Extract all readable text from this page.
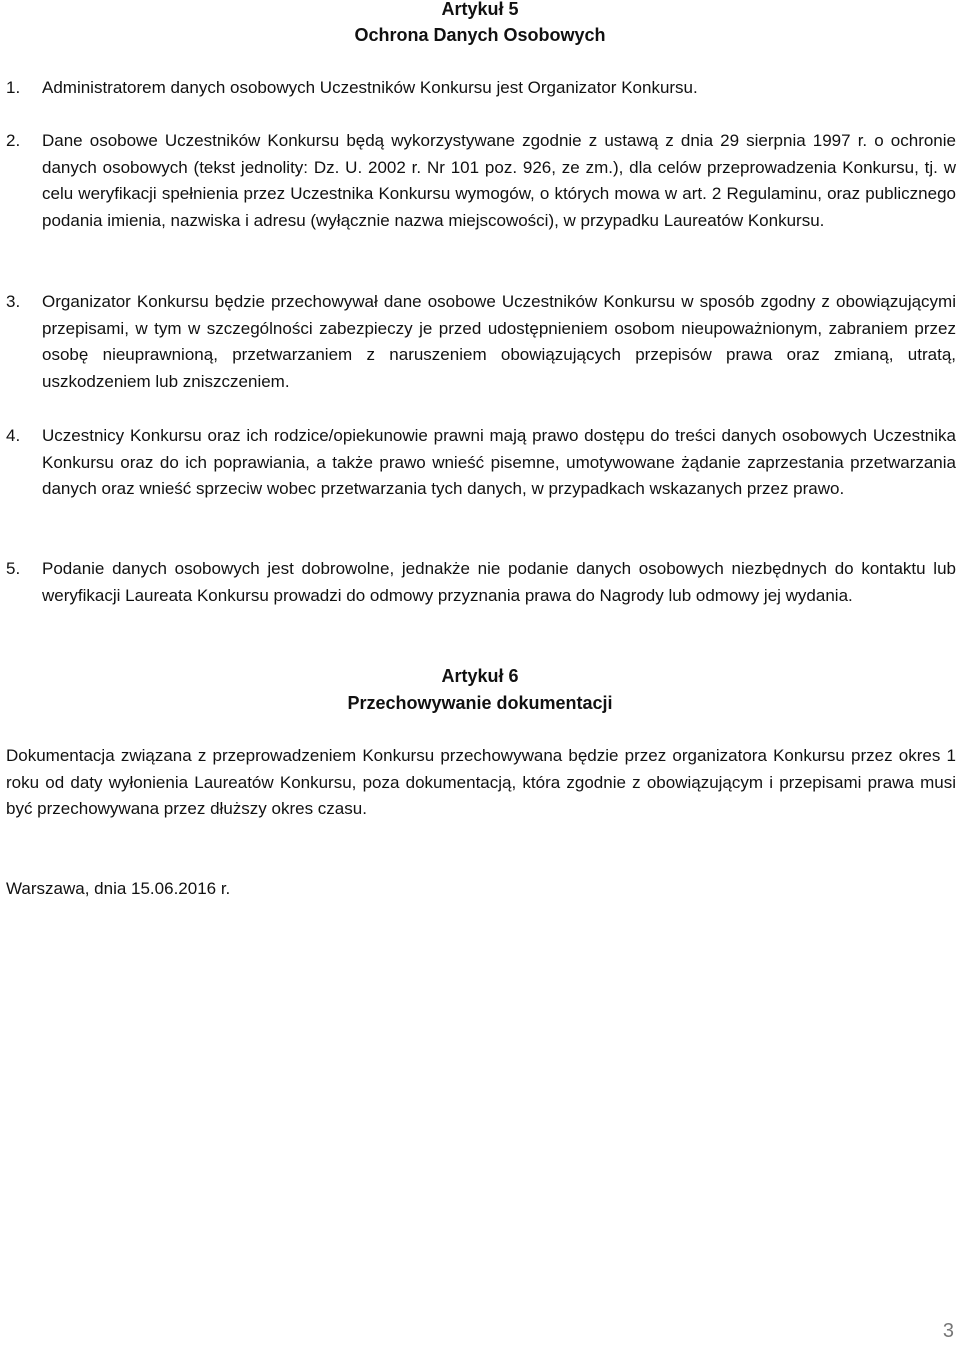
Artykuł 5
Ochrona Danych Osobowych
1.	Administratorem danych osobowych Uczestników Konkursu jest Organizator Konkursu.
2.	Dane osobowe Uczestników Konkursu będą wykorzystywane zgodnie z ustawą z dnia 29 sierpnia 1997 r. o ochronie danych osobowych (tekst jednolity: Dz. U. 2002 r. Nr 101 poz. 926, ze zm.), dla celów przeprowadzenia Konkursu, tj. w celu weryfikacji spełnienia przez Uczestnika Konkursu wymogów, o których mowa w art. 2 Regulaminu, oraz publicznego podania imienia, nazwiska i adresu (wyłącznie nazwa miejscowości), w przypadku Laureatów Konkursu.
3.	Organizator Konkursu będzie przechowywał dane osobowe Uczestników Konkursu w sposób zgodny z obowiązującymi przepisami, w tym w szczególności zabezpieczy je przed udostępnieniem osobom nieupoważnionym, zabraniem przez osobę nieuprawnioną, przetwarzaniem z naruszeniem obowiązujących przepisów prawa oraz zmianą, utratą, uszkodzeniem lub zniszczeniem.
4.	Uczestnicy Konkursu oraz ich rodzice/opiekunowie prawni mają prawo dostępu do treści danych osobowych Uczestnika Konkursu oraz do ich poprawiania, a także prawo wnieść pisemne, umotywowane żądanie zaprzestania przetwarzania danych oraz wnieść sprzeciw wobec przetwarzania tych danych, w przypadkach wskazanych przez prawo.
5.	Podanie danych osobowych jest dobrowolne, jednakże nie podanie danych osobowych niezbędnych do kontaktu lub weryfikacji Laureata Konkursu prowadzi do odmowy przyznania prawa do Nagrody lub odmowy jej wydania.
Artykuł 6
Przechowywanie dokumentacji
Dokumentacja związana z przeprowadzeniem Konkursu przechowywana będzie przez organizatora Konkursu przez okres 1 roku od daty wyłonienia Laureatów Konkursu, poza dokumentacją, która zgodnie z obowiązującym i przepisami prawa musi być przechowywana przez dłuższy okres czasu.
Warszawa, dnia 15.06.2016 r.
3
